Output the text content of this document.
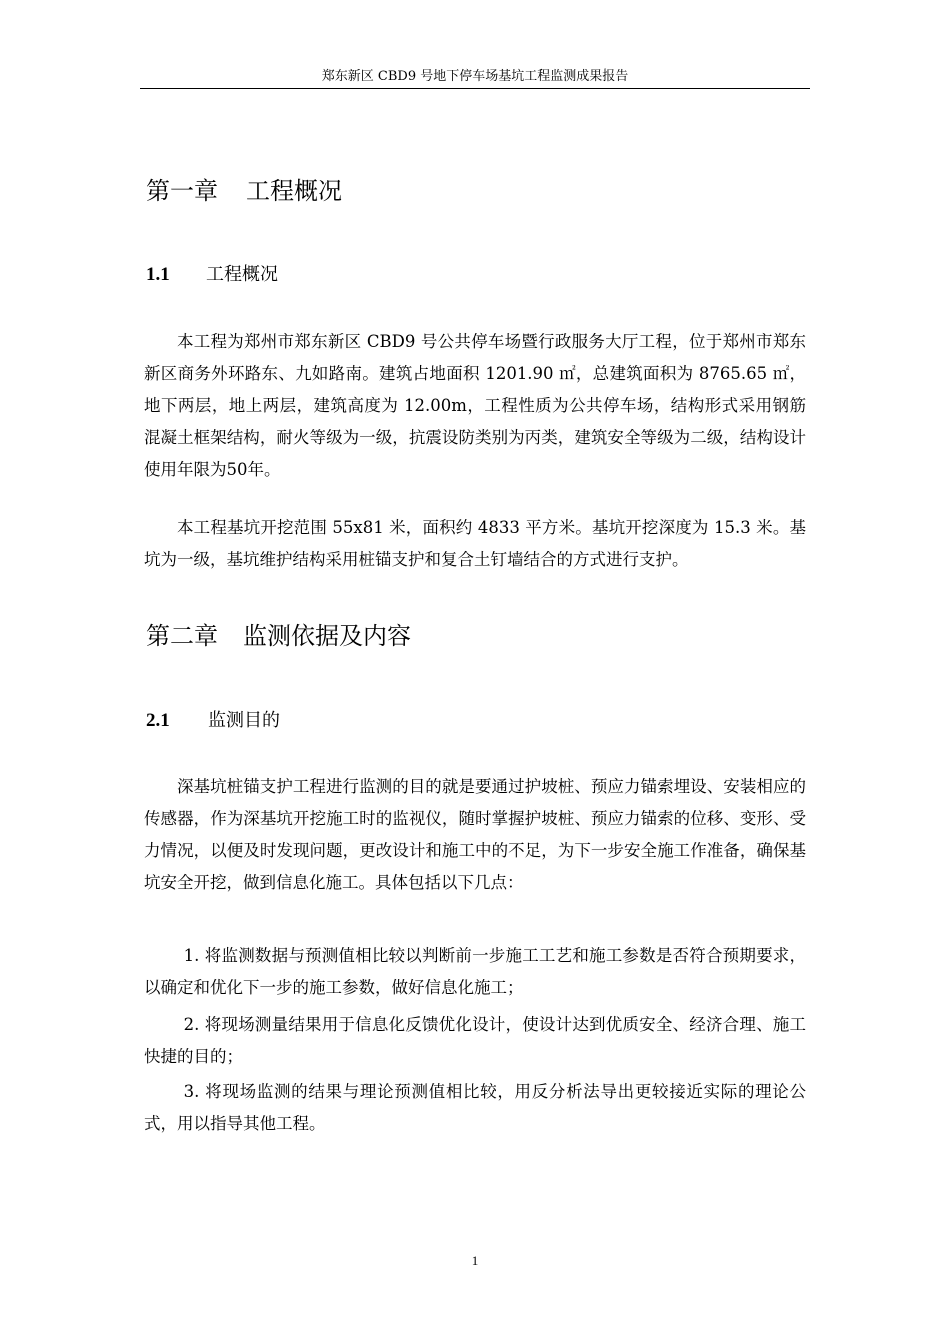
郑东新区 CBD9 号地下停车场基坑工程监测成果报告
第一章 工程概况
1.1 工程概况
本工程为郑州市郑东新区 CBD9 号公共停车场暨行政服务大厅工程，位于郑州市郑东新区商务外环路东、九如路南。建筑占地面积 1201.90 ㎡，总建筑面积为 8765.65 ㎡，地下两层，地上两层，建筑高度为 12.00m，工程性质为公共停车场，结构形式采用钢筋混凝土框架结构，耐火等级为一级，抗震设防类别为丙类，建筑安全等级为二级，结构设计使用年限为50年。
本工程基坑开挖范围 55x81 米，面积约 4833 平方米。基坑开挖深度为 15.3 米。基坑为一级，基坑维护结构采用桩锚支护和复合土钉墙结合的方式进行支护。
第二章 监测依据及内容
2.1 监测目的
深基坑桩锚支护工程进行监测的目的就是要通过护坡桩、预应力锚索埋设、安装相应的传感器，作为深基坑开挖施工时的监视仪，随时掌握护坡桩、预应力锚索的位移、变形、受力情况，以便及时发现问题，更改设计和施工中的不足，为下一步安全施工作准备，确保基坑安全开挖，做到信息化施工。具体包括以下几点：
1. 将监测数据与预测值相比较以判断前一步施工工艺和施工参数是否符合预期要求，以确定和优化下一步的施工参数，做好信息化施工；
2. 将现场测量结果用于信息化反馈优化设计，使设计达到优质安全、经济合理、施工快捷的目的；
3. 将现场监测的结果与理论预测值相比较，用反分析法导出更较接近实际的理论公式，用以指导其他工程。
1
